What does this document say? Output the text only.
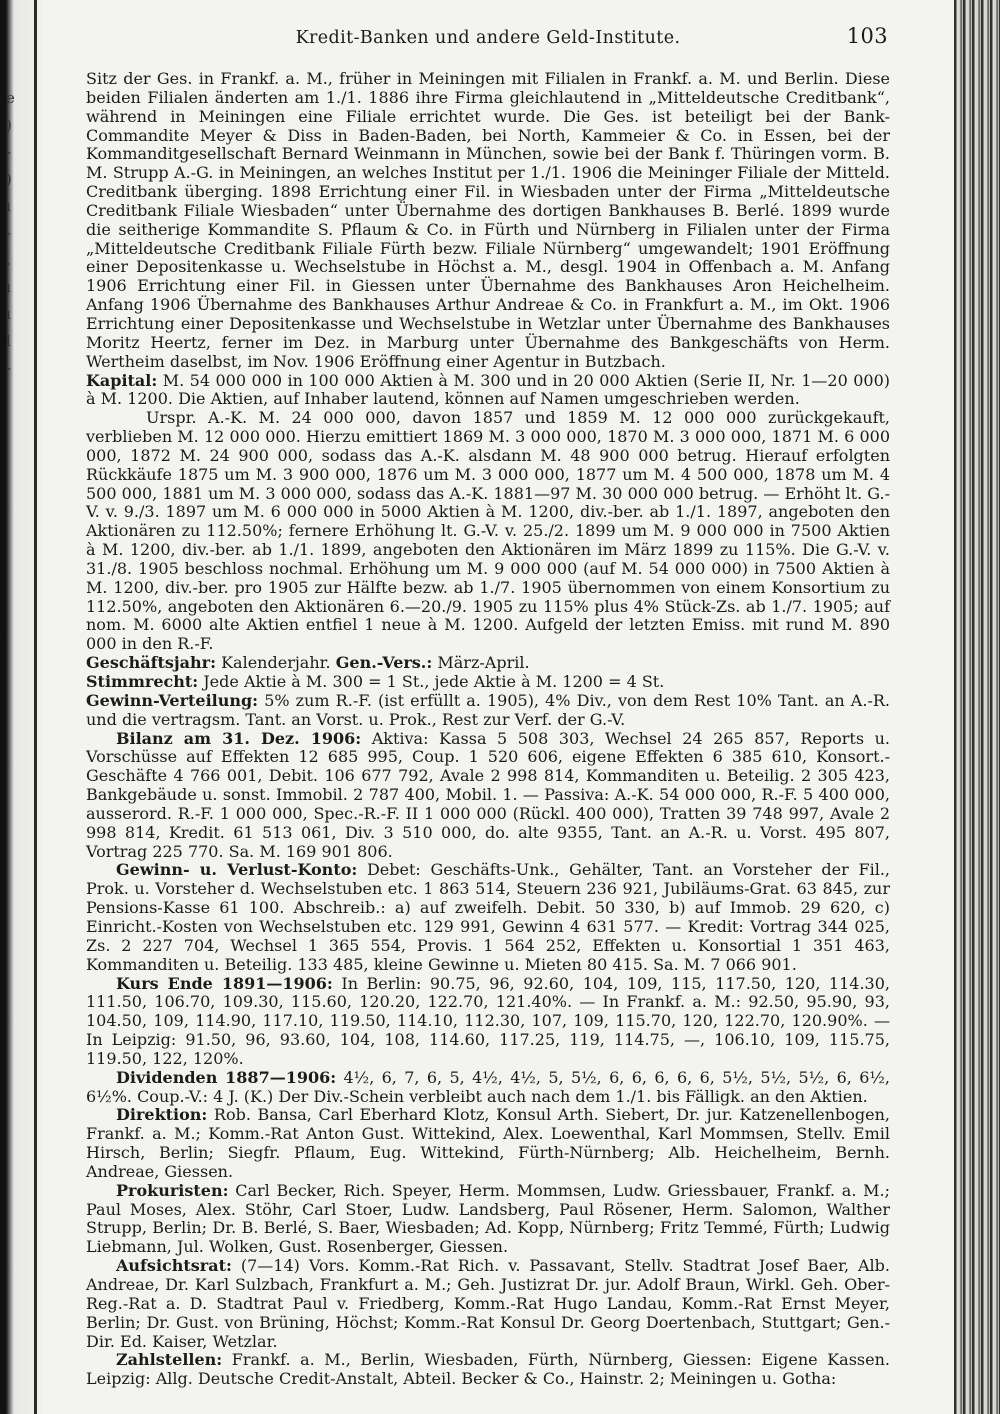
e
)
-
)
ı
-
.
ı
ı
l
-
Kredit-Banken und andere Geld-Institute.	103

Sitz der Ges. in Frankf. a. M., früher in Meiningen mit Filialen in Frankf. a. M. und Berlin. Diese beiden Filialen änderten am 1./1. 1886 ihre Firma gleichlautend in „Mitteldeutsche Creditbank“, während in Meiningen eine Filiale errichtet wurde. Die Ges. ist beteiligt bei der Bank-Commandite Meyer & Diss in Baden-Baden, bei North, Kammeier & Co. in Essen, bei der Kommanditgesellschaft Bernard Weinmann in München, sowie bei der Bank f. Thüringen vorm. B. M. Strupp A.-G. in Meiningen, an welches Institut per 1./1. 1906 die Meininger Filiale der Mitteld. Creditbank überging. 1898 Errichtung einer Fil. in Wiesbaden unter der Firma „Mitteldeutsche Creditbank Filiale Wiesbaden“ unter Übernahme des dortigen Bankhauses B. Berlé. 1899 wurde die seitherige Kommandite S. Pflaum & Co. in Fürth und Nürnberg in Filialen unter der Firma „Mitteldeutsche Creditbank Filiale Fürth bezw. Filiale Nürnberg“ umgewandelt; 1901 Eröffnung einer Depositenkasse u. Wechselstube in Höchst a. M., desgl. 1904 in Offenbach a. M. Anfang 1906 Errichtung einer Fil. in Giessen unter Übernahme des Bankhauses Aron Heichelheim. Anfang 1906 Übernahme des Bankhauses Arthur Andreae & Co. in Frankfurt a. M., im Okt. 1906 Errichtung einer Depositenkasse und Wechselstube in Wetzlar unter Übernahme des Bankhauses Moritz Heertz, ferner im Dez. in Marburg unter Übernahme des Bankgeschäfts von Herm. Wertheim daselbst, im Nov. 1906 Eröffnung einer Agentur in Butzbach.

Kapital: M. 54 000 000 in 100 000 Aktien à M. 300 und in 20 000 Aktien (Serie II, Nr. 1—20 000) à M. 1200. Die Aktien, auf Inhaber lautend, können auf Namen umgeschrieben werden.

Urspr. A.-K. M. 24 000 000, davon 1857 und 1859 M. 12 000 000 zurückgekauft, verblieben M. 12 000 000. Hierzu emittiert 1869 M. 3 000 000, 1870 M. 3 000 000, 1871 M. 6 000 000, 1872 M. 24 900 000, sodass das A.-K. alsdann M. 48 900 000 betrug. Hierauf erfolgten Rückkäufe 1875 um M. 3 900 000, 1876 um M. 3 000 000, 1877 um M. 4 500 000, 1878 um M. 4 500 000, 1881 um M. 3 000 000, sodass das A.-K. 1881—97 M. 30 000 000 betrug. — Erhöht lt. G.-V. v. 9./3. 1897 um M. 6 000 000 in 5000 Aktien à M. 1200, div.-ber. ab 1./1. 1897, angeboten den Aktionären zu 112.50%; fernere Erhöhung lt. G.-V. v. 25./2. 1899 um M. 9 000 000 in 7500 Aktien à M. 1200, div.-ber. ab 1./1. 1899, angeboten den Aktionären im März 1899 zu 115%. Die G.-V. v. 31./8. 1905 beschloss nochmal. Erhöhung um M. 9 000 000 (auf M. 54 000 000) in 7500 Aktien à M. 1200, div.-ber. pro 1905 zur Hälfte bezw. ab 1./7. 1905 übernommen von einem Konsortium zu 112.50%, angeboten den Aktionären 6.—20./9. 1905 zu 115% plus 4% Stück-Zs. ab 1./7. 1905; auf nom. M. 6000 alte Aktien entfiel 1 neue à M. 1200. Aufgeld der letzten Emiss. mit rund M. 890 000 in den R.-F.

Geschäftsjahr: Kalenderjahr. Gen.-Vers.: März-April.

Stimmrecht: Jede Aktie à M. 300 = 1 St., jede Aktie à M. 1200 = 4 St.

Gewinn-Verteilung: 5% zum R.-F. (ist erfüllt a. 1905), 4% Div., von dem Rest 10% Tant. an A.-R. und die vertragsm. Tant. an Vorst. u. Prok., Rest zur Verf. der G.-V.

Bilanz am 31. Dez. 1906: Aktiva: Kassa 5 508 303, Wechsel 24 265 857, Reports u. Vorschüsse auf Effekten 12 685 995, Coup. 1 520 606, eigene Effekten 6 385 610, Konsort.-Geschäfte 4 766 001, Debit. 106 677 792, Avale 2 998 814, Kommanditen u. Beteilig. 2 305 423, Bankgebäude u. sonst. Immobil. 2 787 400, Mobil. 1. — Passiva: A.-K. 54 000 000, R.-F. 5 400 000, ausserord. R.-F. 1 000 000, Spec.-R.-F. II 1 000 000 (Rückl. 400 000), Tratten 39 748 997, Avale 2 998 814, Kredit. 61 513 061, Div. 3 510 000, do. alte 9355, Tant. an A.-R. u. Vorst. 495 807, Vortrag 225 770. Sa. M. 169 901 806.

Gewinn- u. Verlust-Konto: Debet: Geschäfts-Unk., Gehälter, Tant. an Vorsteher der Fil., Prok. u. Vorsteher d. Wechselstuben etc. 1 863 514, Steuern 236 921, Jubiläums-Grat. 63 845, zur Pensions-Kasse 61 100. Abschreib.: a) auf zweifelh. Debit. 50 330, b) auf Immob. 29 620, c) Einricht.-Kosten von Wechselstuben etc. 129 991, Gewinn 4 631 577. — Kredit: Vortrag 344 025, Zs. 2 227 704, Wechsel 1 365 554, Provis. 1 564 252, Effekten u. Konsortial 1 351 463, Kommanditen u. Beteilig. 133 485, kleine Gewinne u. Mieten 80 415. Sa. M. 7 066 901.

Kurs Ende 1891—1906: In Berlin: 90.75, 96, 92.60, 104, 109, 115, 117.50, 120, 114.30, 111.50, 106.70, 109.30, 115.60, 120.20, 122.70, 121.40%. — In Frankf. a. M.: 92.50, 95.90, 93, 104.50, 109, 114.90, 117.10, 119.50, 114.10, 112.30, 107, 109, 115.70, 120, 122.70, 120.90%. — In Leipzig: 91.50, 96, 93.60, 104, 108, 114.60, 117.25, 119, 114.75, —, 106.10, 109, 115.75, 119.50, 122, 120%.

Dividenden 1887—1906: 4½, 6, 7, 6, 5, 4½, 4½, 5, 5½, 6, 6, 6, 6, 6, 5½, 5½, 5½, 6, 6½, 6½%. Coup.-V.: 4 J. (K.) Der Div.-Schein verbleibt auch nach dem 1./1. bis Fälligk. an den Aktien.

Direktion: Rob. Bansa, Carl Eberhard Klotz, Konsul Arth. Siebert, Dr. jur. Katzenellenbogen, Frankf. a. M.; Komm.-Rat Anton Gust. Wittekind, Alex. Loewenthal, Karl Mommsen, Stellv. Emil Hirsch, Berlin; Siegfr. Pflaum, Eug. Wittekind, Fürth-Nürnberg; Alb. Heichelheim, Bernh. Andreae, Giessen.

Prokuristen: Carl Becker, Rich. Speyer, Herm. Mommsen, Ludw. Griessbauer, Frankf. a. M.; Paul Moses, Alex. Stöhr, Carl Stoer, Ludw. Landsberg, Paul Rösener, Herm. Salomon, Walther Strupp, Berlin; Dr. B. Berlé, S. Baer, Wiesbaden; Ad. Kopp, Nürnberg; Fritz Temmé, Fürth; Ludwig Liebmann, Jul. Wolken, Gust. Rosenberger, Giessen.

Aufsichtsrat: (7—14) Vors. Komm.-Rat Rich. v. Passavant, Stellv. Stadtrat Josef Baer, Alb. Andreae, Dr. Karl Sulzbach, Frankfurt a. M.; Geh. Justizrat Dr. jur. Adolf Braun, Wirkl. Geh. Ober-Reg.-Rat a. D. Stadtrat Paul v. Friedberg, Komm.-Rat Hugo Landau, Komm.-Rat Ernst Meyer, Berlin; Dr. Gust. von Brüning, Höchst; Komm.-Rat Konsul Dr. Georg Doertenbach, Stuttgart; Gen.-Dir. Ed. Kaiser, Wetzlar.

Zahlstellen: Frankf. a. M., Berlin, Wiesbaden, Fürth, Nürnberg, Giessen: Eigene Kassen. Leipzig: Allg. Deutsche Credit-Anstalt, Abteil. Becker & Co., Hainstr. 2; Meiningen u. Gotha:
